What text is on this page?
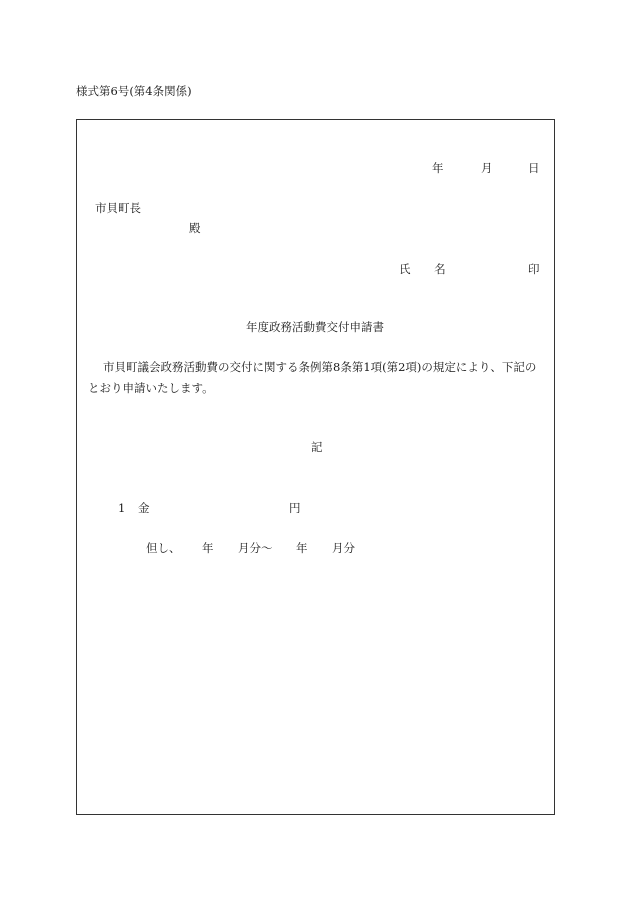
様式第6号(第4条関係)
年	月	日
市貝町長
殿
氏 名	印
年度政務活動費交付申請書
市貝町議会政務活動費の交付に関する条例第8条第1項(第2項)の規定により、下記の
とおり申請いたします。
記
1 金	円
但し、 年 月分〜 年 月分
